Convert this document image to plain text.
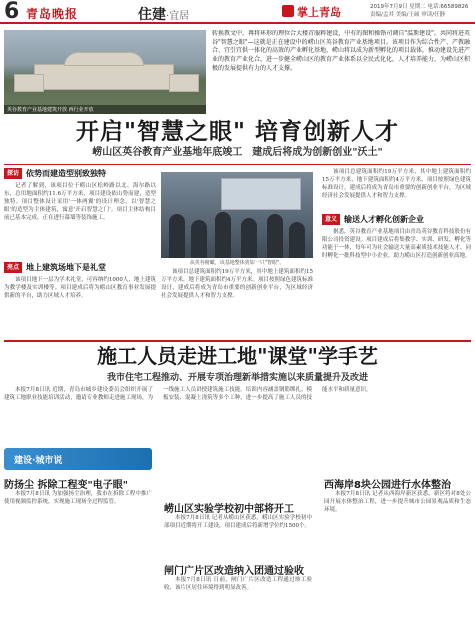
6 青岛晚报	住建·宜居	掌上青岛	2019年7月9日 星期二 电话:66589826
责编/孟其 美编/王硕 审读/任静
英谷教育产业基地建筑开放 西行业开放
转换教文中，再将环形的理位合大楼首服粹建设，中有的图和操铬司调自"温斯建设"。共同将进英谷"智慧之眼"—这就是正在建设中的崂山区英谷教育产业基地项目。该项目作为综合性产、产教融合、宜引宜供一体化的高效的产业孵化基地，崂山将以成为新型孵化的项目载体，推动建设先进产业的教育产业化合，进一步健全崂山区的教育产业体系以全民式化化，人才培养能力，为崂山区积极的发展提供有力的人才支撑。
开启"智慧之眼" 培育创新人才
崂山区英谷教育产业基地年底竣工　建成后将成为创新创业"沃土"
探访 依势而建造型别致独特

记者了解到，该项目位于崂山区松岭路以北、海尔路以东，总用地面积约11.6万平方米，项目建设依山势而建，造型独特。项目整体设计采用'一体两翼'的设计理念，以'智慧之眼'的造型为主体建筑，寓意'开启智慧之门'。项目主体结构目前已基本完成，正在进行幕墙等装饰施工。

亮点 地上建筑场地下是礼堂

该项目地下一层为学术礼堂，可容纳约1000人，地上建筑为教学楼及实训楼等。项目建成后将为崂山区教育事业发展提供新的平台，助力区域人才培养。

从英谷俯瞰，该基地整体犹如一只"智眼"。

该项目总建筑面积约19万平方米，其中地上建筑面积约15万平方米，地下建筑面积约4万平方米。项目按照绿色建筑标准设计，建成后将成为青岛市重要的创新创业平台，为区域经济社会发展提供人才和智力支撑。

意义 输送人才孵化创新企业

据悉，英谷教育产业基地项目由青岛英谷教育科技股份有限公司投资建设。项目建成后将集教学、实训、研发、孵化等功能于一体，每年可为社会输送大量高素质技术技能人才，同时孵化一批科技型中小企业，助力崂山区打造创新创业高地。

该项目总建筑面积约19万平方米，其中地上建筑面积约15万平方米，地下建筑面积约4万平方米。项目按照绿色建筑标准设计，建成后将成为青岛市重要的创新创业平台，为区域经济社会发展提供人才和智力支撑。

施工人员走进工地"课堂"学手艺
我市住宅工程推动、开展专项治理新举措实施以来质量提升及改进

本报7月8日讯 近期，青岛市城乡建设委员会组织开展了建筑工地职业技能培训活动，邀请专业教师走进施工现场，为一线施工人员讲授建筑施工技能。培训内容涵盖钢筋绑扎、模板安装、混凝土浇筑等多个工种，进一步提高了施工人员的技能水平和质量意识。

建设·城市说
防扬尘 拆除工程变"电子眼"

本报7月8日讯 为加强扬尘治理，我市在拆除工程中推广使用视频监控系统，实现施工现场全过程监管。

崂山区实验学校初中部将开工

本报7月8日讯 记者从崂山区获悉，崂山区实验学校初中部项目近期将开工建设，项目建成后将新增学位约1500个。

闸门广片区改造纳入团通过验收

本报7月8日讯 日前，闸门广片区改造工程通过竣工验收，该片区居住环境得到明显改善。

西海岸8块公园进行水体整治

本报7月8日讯 记者从西海岸新区获悉，新区将对8处公园开展水体整治工程，进一步提升城市公园景观品质和生态环境。
